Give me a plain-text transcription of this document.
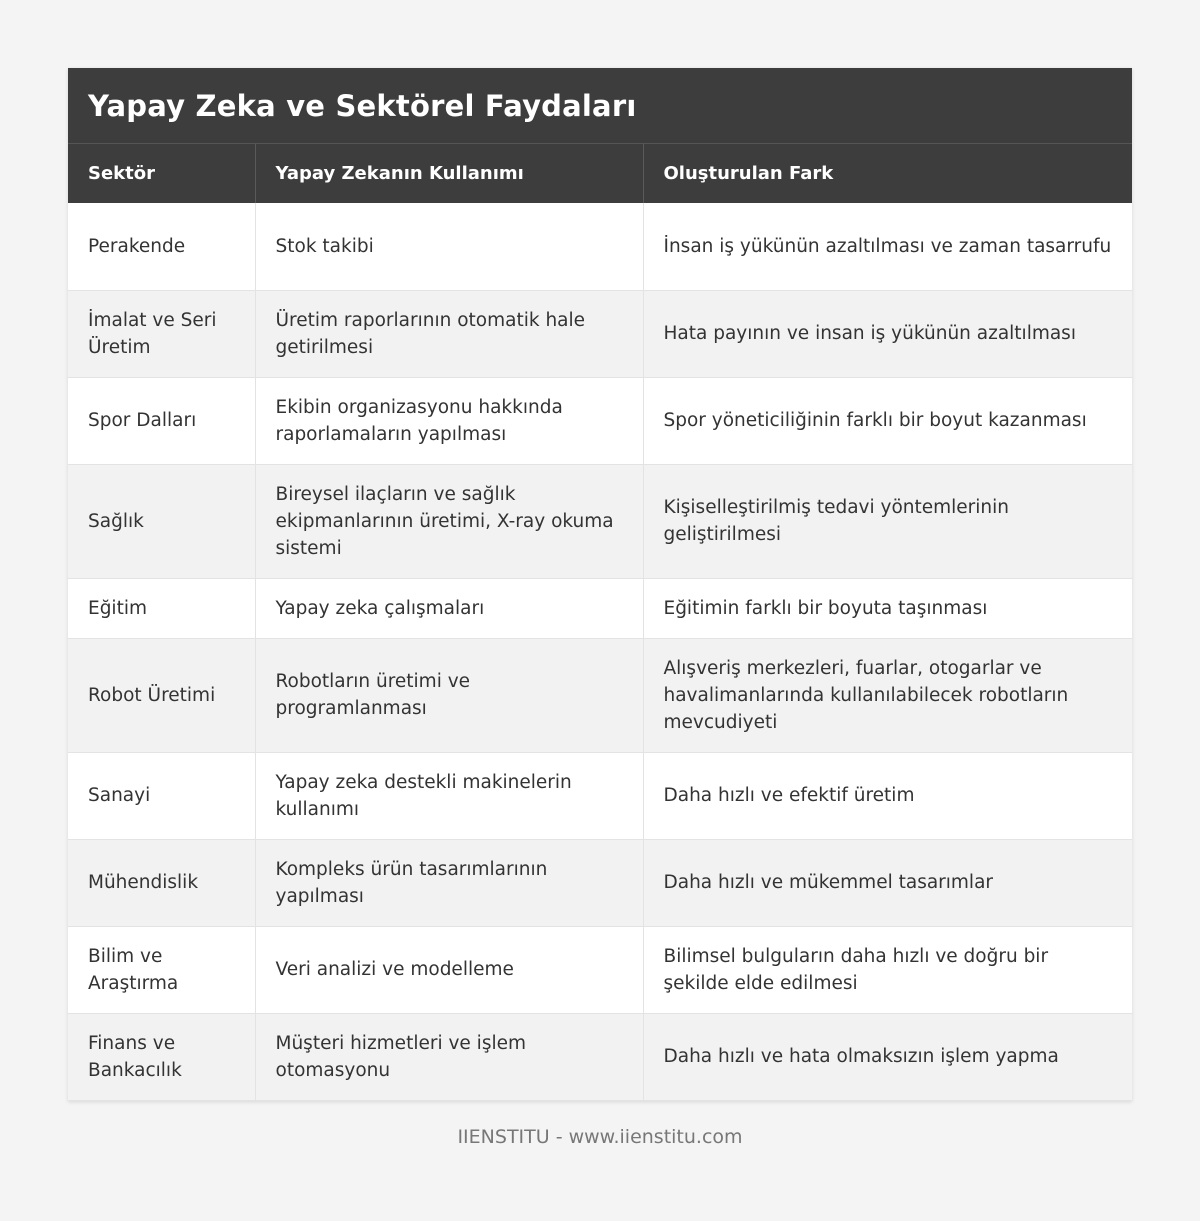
Yapay Zeka ve Sektörel Faydaları
Sektör	Yapay Zekanın Kullanımı	Oluşturulan Fark
Perakende	Stok takibi	İnsan iş yükünün azaltılması ve zaman tasarrufu
İmalat ve Seri Üretim	Üretim raporlarının otomatik hale getirilmesi	Hata payının ve insan iş yükünün azaltılması
Spor Dalları	Ekibin organizasyonu hakkında raporlamaların yapılması	Spor yöneticiliğinin farklı bir boyut kazanması
Sağlık	Bireysel ilaçların ve sağlık ekipmanlarının üretimi, X-ray okuma sistemi	Kişiselleştirilmiş tedavi yöntemlerinin geliştirilmesi
Eğitim	Yapay zeka çalışmaları	Eğitimin farklı bir boyuta taşınması
Robot Üretimi	Robotların üretimi ve programlanması	Alışveriş merkezleri, fuarlar, otogarlar ve havalimanlarında kullanılabilecek robotların mevcudiyeti
Sanayi	Yapay zeka destekli makinelerin kullanımı	Daha hızlı ve efektif üretim
Mühendislik	Kompleks ürün tasarımlarının yapılması	Daha hızlı ve mükemmel tasarımlar
Bilim ve Araştırma	Veri analizi ve modelleme	Bilimsel bulguların daha hızlı ve doğru bir şekilde elde edilmesi
Finans ve Bankacılık	Müşteri hizmetleri ve işlem otomasyonu	Daha hızlı ve hata olmaksızın işlem yapma
IIENSTITU - www.iienstitu.com
